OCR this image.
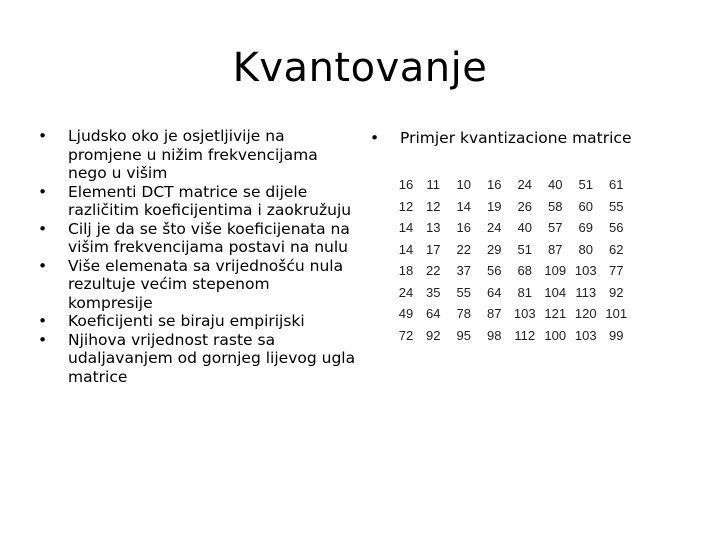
Kvantovanje
•	Ljudsko oko je osjetljivije na promjene u nižim frekvencijama nego u višim
•	Elementi DCT matrice se dijele različitim koeficijentima i zaokružuju
•	Cilj je da se što više koeficijenata na višim frekvencijama postavi na nulu
•	Više elemenata sa vrijednošću nula rezultuje većim stepenom kompresije
•	Koeficijenti se biraju empirijski
•	Njihova vrijednost raste sa udaljavanjem od gornjeg lijevog ugla matrice
• Primjer kvantizacione matrice
16	11	10	16	24	40	51	61
12	12	14	19	26	58	60	55
14	13	16	24	40	57	69	56
14	17	22	29	51	87	80	62
18	22	37	56	68	109	103	77
24	35	55	64	81	104	113	92
49	64	78	87	103	121	120	101
72	92	95	98	112	100	103	99
